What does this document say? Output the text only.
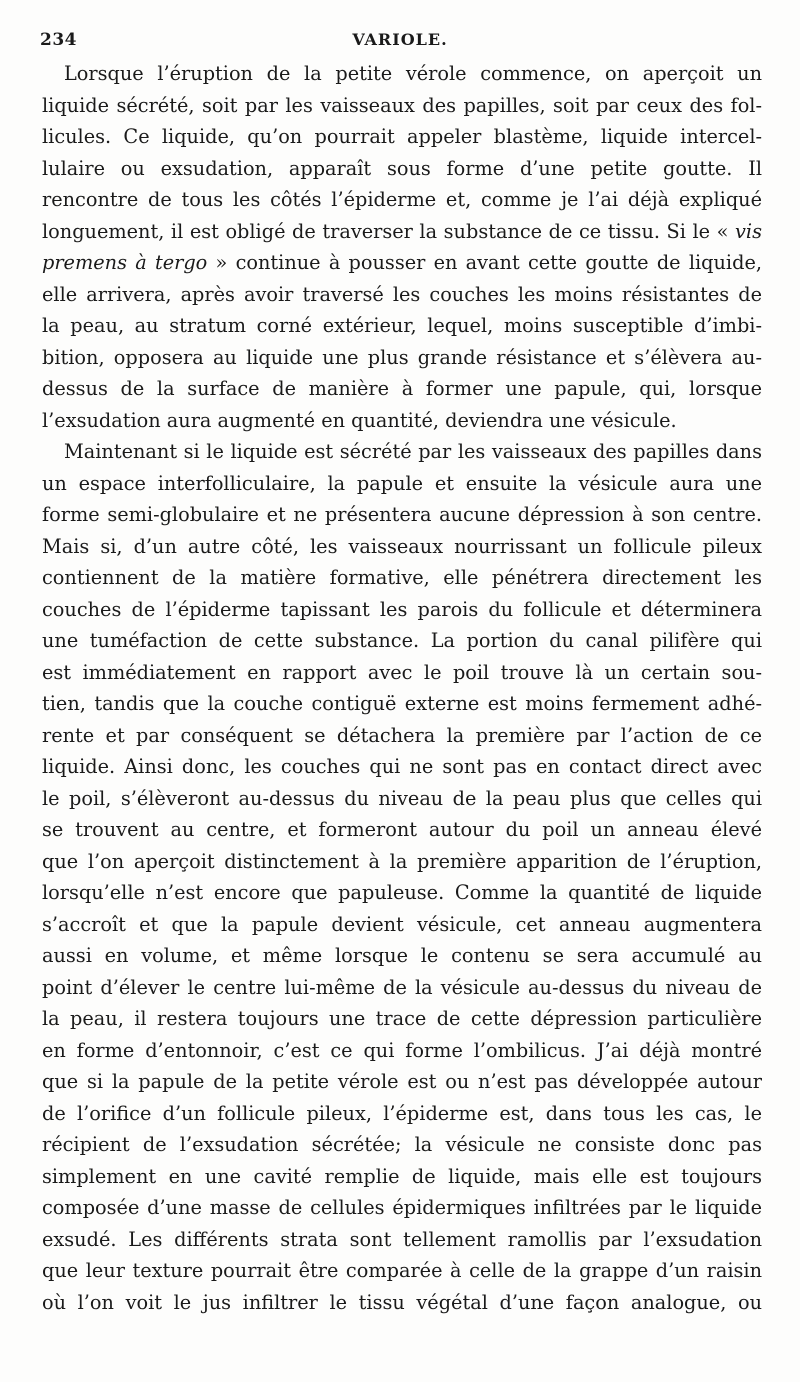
234	VARIOLE.
Lorsque l’éruption de la petite vérole commence, on aperçoit un
liquide sécrété, soit par les vaisseaux des papilles, soit par ceux des fol-
licules. Ce liquide, qu’on pourrait appeler blastème, liquide intercel-
lulaire ou exsudation, apparaît sous forme d’une petite goutte. Il
rencontre de tous les côtés l’épiderme et, comme je l’ai déjà expliqué
longuement, il est obligé de traverser la substance de ce tissu. Si le « vis
premens à tergo » continue à pousser en avant cette goutte de liquide,
elle arrivera, après avoir traversé les couches les moins résistantes de
la peau, au stratum corné extérieur, lequel, moins susceptible d’imbi-
bition, opposera au liquide une plus grande résistance et s’élèvera au-
dessus de la surface de manière à former une papule, qui, lorsque
l’exsudation aura augmenté en quantité, deviendra une vésicule.
Maintenant si le liquide est sécrété par les vaisseaux des papilles dans
un espace interfolliculaire, la papule et ensuite la vésicule aura une
forme semi-globulaire et ne présentera aucune dépression à son centre.
Mais si, d’un autre côté, les vaisseaux nourrissant un follicule pileux
contiennent de la matière formative, elle pénétrera directement les
couches de l’épiderme tapissant les parois du follicule et déterminera
une tuméfaction de cette substance. La portion du canal pilifère qui
est immédiatement en rapport avec le poil trouve là un certain sou-
tien, tandis que la couche contiguë externe est moins fermement adhé-
rente et par conséquent se détachera la première par l’action de ce
liquide. Ainsi donc, les couches qui ne sont pas en contact direct avec
le poil, s’élèveront au-dessus du niveau de la peau plus que celles qui
se trouvent au centre, et formeront autour du poil un anneau élevé
que l’on aperçoit distinctement à la première apparition de l’éruption,
lorsqu’elle n’est encore que papuleuse. Comme la quantité de liquide
s’accroît et que la papule devient vésicule, cet anneau augmentera
aussi en volume, et même lorsque le contenu se sera accumulé au
point d’élever le centre lui-même de la vésicule au-dessus du niveau de
la peau, il restera toujours une trace de cette dépression particulière
en forme d’entonnoir, c’est ce qui forme l’ombilicus. J’ai déjà montré
que si la papule de la petite vérole est ou n’est pas développée autour
de l’orifice d’un follicule pileux, l’épiderme est, dans tous les cas, le
récipient de l’exsudation sécrétée; la vésicule ne consiste donc pas
simplement en une cavité remplie de liquide, mais elle est toujours
composée d’une masse de cellules épidermiques infiltrées par le liquide
exsudé. Les différents strata sont tellement ramollis par l’exsudation
que leur texture pourrait être comparée à celle de la grappe d’un raisin
où l’on voit le jus infiltrer le tissu végétal d’une façon analogue, ou
